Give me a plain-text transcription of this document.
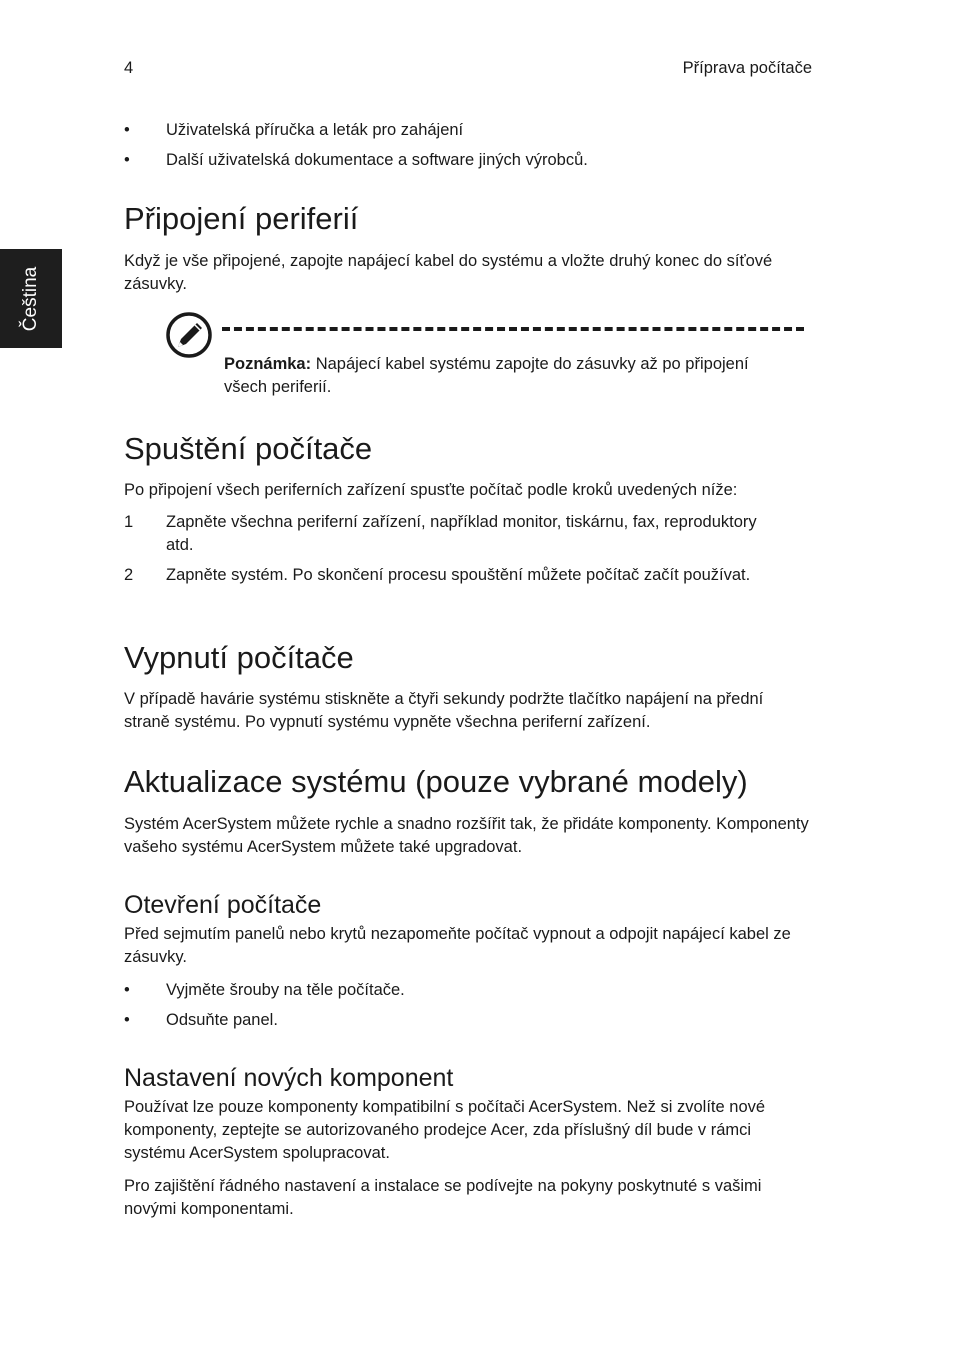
4	Příprava počítače
Čeština
• Uživatelská příručka a leták pro zahájení
• Další uživatelská dokumentace a software jiných výrobců.
Připojení periferií
Když je vše připojené, zapojte napájecí kabel do systému a vložte druhý konec do síťové zásuvky.
Poznámka: Napájecí kabel systému zapojte do zásuvky až po připojení všech periferií.
Spuštění počítače
Po připojení všech periferních zařízení spusťte počítač podle kroků uvedených níže:
1 Zapněte všechna periferní zařízení, například monitor, tiskárnu, fax, reproduktory atd.
2 Zapněte systém. Po skončení procesu spouštění můžete počítač začít používat.
Vypnutí počítače
V případě havárie systému stiskněte a čtyři sekundy podržte tlačítko napájení na přední straně systému. Po vypnutí systému vypněte všechna periferní zařízení.
Aktualizace systému (pouze vybrané modely)
Systém AcerSystem můžete rychle a snadno rozšířit tak, že přidáte komponenty. Komponenty vašeho systému AcerSystem můžete také upgradovat.
Otevření počítače
Před sejmutím panelů nebo krytů nezapomeňte počítač vypnout a odpojit napájecí kabel ze zásuvky.
• Vyjměte šrouby na těle počítače.
• Odsuňte panel.
Nastavení nových komponent
Používat lze pouze komponenty kompatibilní s počítači AcerSystem. Než si zvolíte nové komponenty, zeptejte se autorizovaného prodejce Acer, zda příslušný díl bude v rámci systému AcerSystem spolupracovat.
Pro zajištění řádného nastavení a instalace se podívejte na pokyny poskytnuté s vašimi novými komponentami.
